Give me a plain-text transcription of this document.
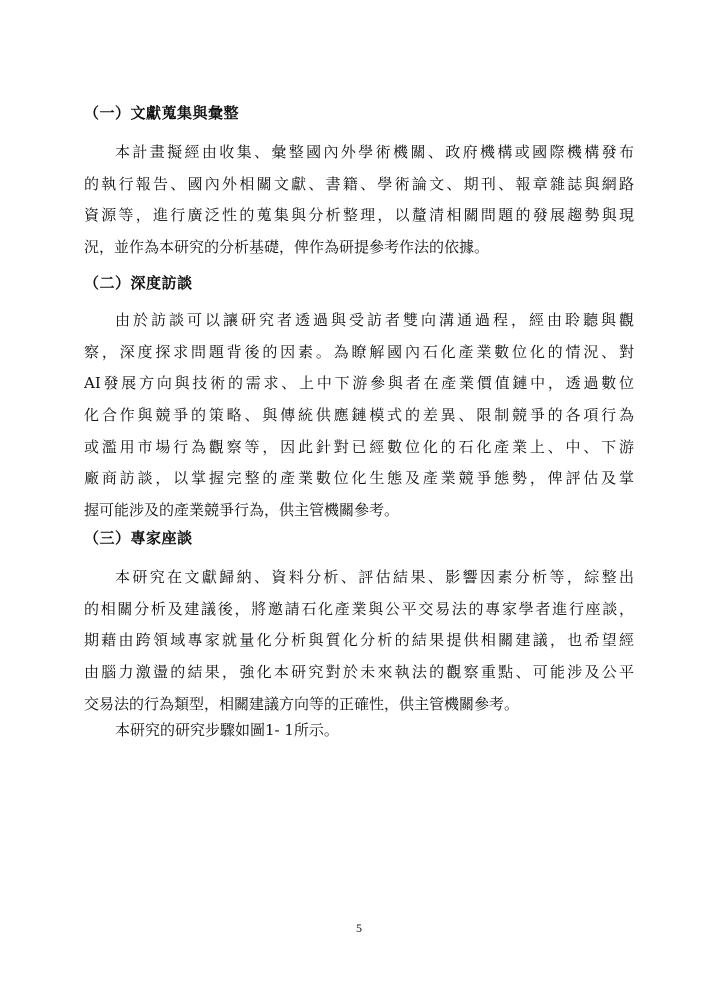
（一）文獻蒐集與彙整
本計畫擬經由收集、彙整國內外學術機關、政府機構或國際機構發布
的執行報告、國內外相關文獻、書籍、學術論文、期刊、報章雜誌與網路
資源等，進行廣泛性的蒐集與分析整理，以釐清相關問題的發展趨勢與現
況，並作為本研究的分析基礎，俾作為研提參考作法的依據。
（二）深度訪談
由於訪談可以讓研究者透過與受訪者雙向溝通過程，經由聆聽與觀
察，深度探求問題背後的因素。為瞭解國內石化產業數位化的情況、對
AI發展方向與技術的需求、上中下游參與者在產業價值鏈中，透過數位
化合作與競爭的策略、與傳統供應鏈模式的差異、限制競爭的各項行為
或濫用市場行為觀察等，因此針對已經數位化的石化產業上、中、下游
廠商訪談，以掌握完整的產業數位化生態及產業競爭態勢，俾評估及掌
握可能涉及的產業競爭行為，供主管機關參考。
（三）專家座談
本研究在文獻歸納、資料分析、評估結果、影響因素分析等，綜整出
的相關分析及建議後，將邀請石化產業與公平交易法的專家學者進行座談，
期藉由跨領域專家就量化分析與質化分析的結果提供相關建議，也希望經
由腦力激盪的結果，強化本研究對於未來執法的觀察重點、可能涉及公平
交易法的行為類型，相關建議方向等的正確性，供主管機關參考。
本研究的研究步驟如圖1- 1所示。
5
